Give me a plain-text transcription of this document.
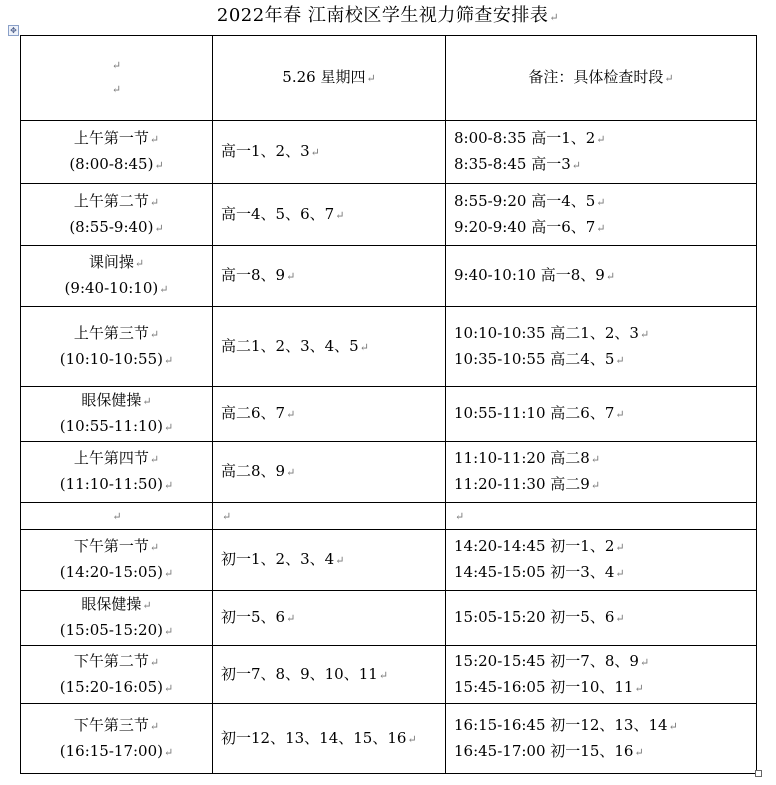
2022年春 江南校区学生视力筛查安排表↵
✥
↵
↵	5.26 星期四↵	备注：具体检查时段↵

上午第一节↵
(8:00-8:45)↵	高一1、2、3↵	8:00-8:35 高一1、2↵
8:35-8:45 高一3↵

上午第二节↵
(8:55-9:40)↵	高一4、5、6、7↵	8:55-9:20 高一4、5↵
9:20-9:40 高一6、7↵

课间操↵
(9:40-10:10)↵	高一8、9↵	9:40-10:10 高一8、9↵

上午第三节↵
(10:10-10:55)↵	高二1、2、3、4、5↵	10:10-10:35 高二1、2、3↵
10:35-10:55 高二4、5↵

眼保健操↵
(10:55-11:10)↵	高二6、7↵	10:55-11:10 高二6、7↵

上午第四节↵
(11:10-11:50)↵	高二8、9↵	11:10-11:20 高二8↵
11:20-11:30 高二9↵

↵	↵	↵

下午第一节↵
(14:20-15:05)↵	初一1、2、3、4↵	14:20-14:45 初一1、2↵
14:45-15:05 初一3、4↵

眼保健操↵
(15:05-15:20)↵	初一5、6↵	15:05-15:20 初一5、6↵

下午第二节↵
(15:20-16:05)↵	初一7、8、9、10、11↵	15:20-15:45 初一7、8、9↵
15:45-16:05 初一10、11↵

下午第三节↵
(16:15-17:00)↵	初一12、13、14、15、16↵	16:15-16:45 初一12、13、14↵
16:45-17:00 初一15、16↵
